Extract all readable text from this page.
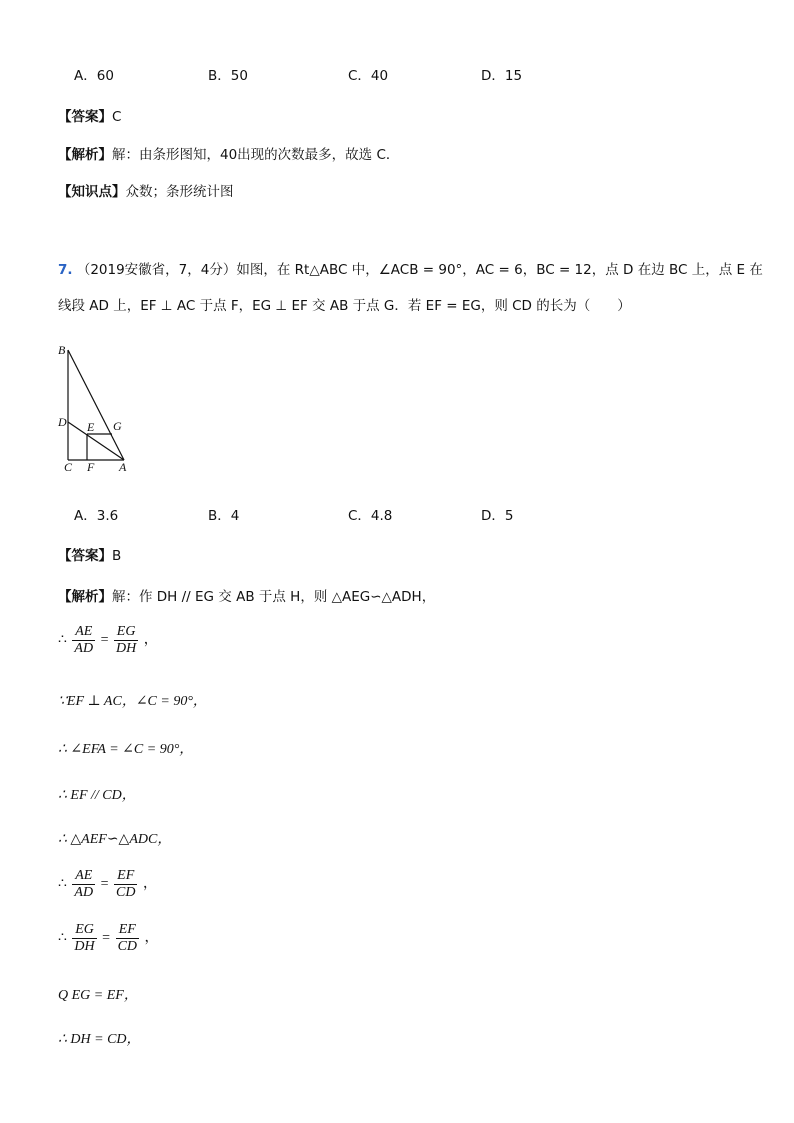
A．60	B．50	C．40	D．15
【答案】C
【解析】解：由条形图知，40出现的次数最多，故选 C．
【知识点】众数；条形统计图
7. （2019安徽省，7，4分）如图，在 Rt△ABC 中，∠ACB = 90°，AC = 6，BC = 12，点 D 在边 BC 上，点 E 在
线段 AD 上，EF ⊥ AC 于点 F，EG ⊥ EF 交 AB 于点 G．若 EF = EG，则 CD 的长为（　　）
B
D E G
C F A
A．3.6	B．4	C．4.8	D．5
【答案】B
【解析】解：作 DH // EG 交 AB 于点 H，则 △AEG∽△ADH，
∴ $\frac{AE}{AD} = \frac{EG}{DH}$ ，
∵EF ⊥ AC，∠C = 90°，
∴ ∠EFA = ∠C = 90°，
∴ EF // CD，
∴ △AEF∽△ADC，
∴ $\frac{AE}{AD} = \frac{EF}{CD}$ ，
∴ $\frac{EG}{DH} = \frac{EF}{CD}$ ，
Q EG = EF，
∴ DH = CD，
